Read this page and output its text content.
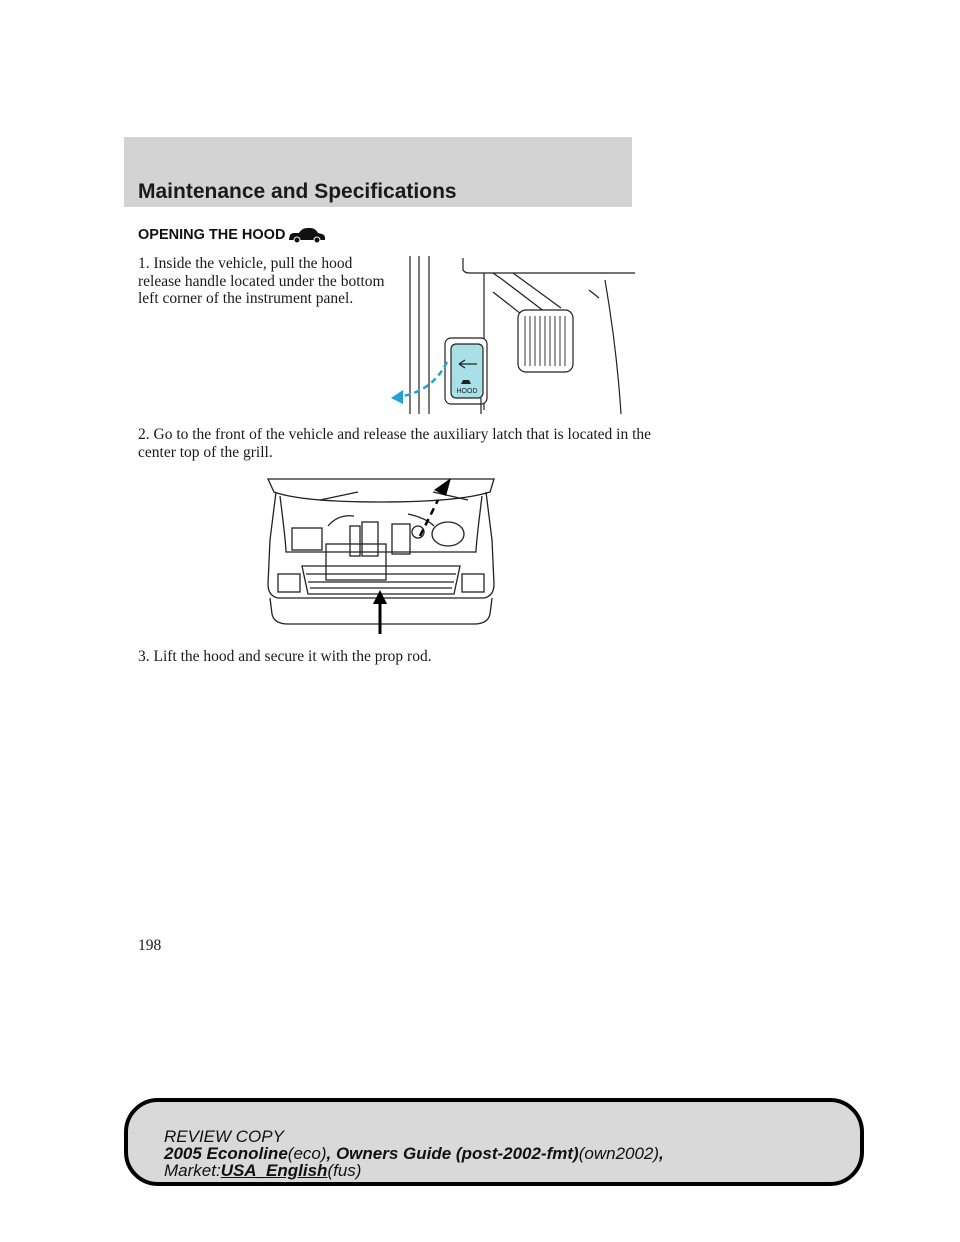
Maintenance and Specifications
OPENING THE HOOD

1. Inside the vehicle, pull the hood release handle located under the bottom left corner of the instrument panel.

HOOD

2. Go to the front of the vehicle and release the auxiliary latch that is located in the center top of the grill.

3. Lift the hood and secure it with the prop rod.

198

REVIEW COPY
2005 Econoline(eco), Owners Guide (post-2002-fmt)(own2002),
Market:USA_English(fus)
